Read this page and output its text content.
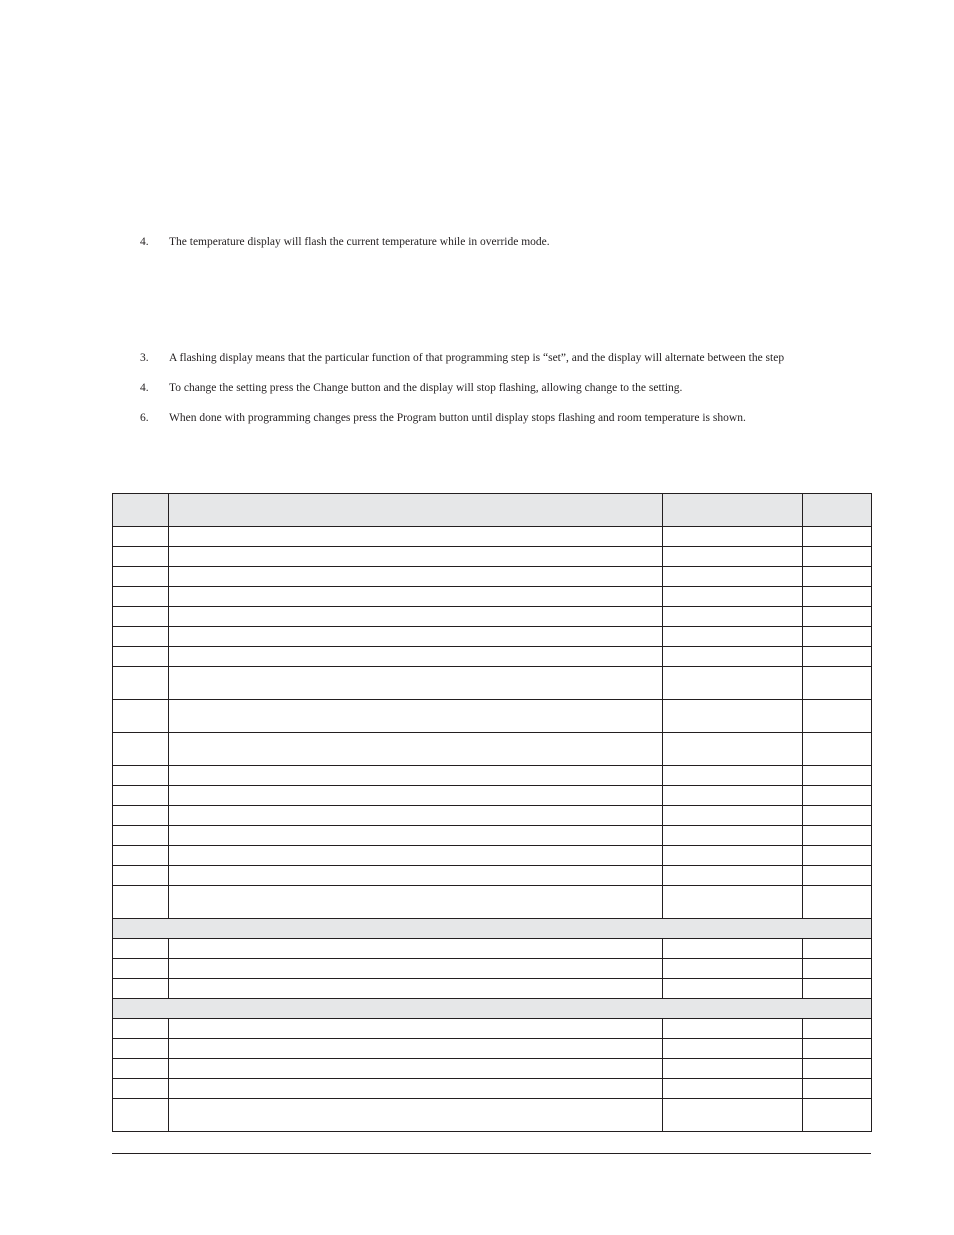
4. The temperature display will flash the current temperature while in override mode.
3. A flashing display means that the particular function of that programming step is “set”, and the display will alternate between the step
4. To change the setting press the Change button and the display will stop flashing, allowing change to the setting.
6. When done with programming changes press the Program button until display stops flashing and room temperature is shown.
